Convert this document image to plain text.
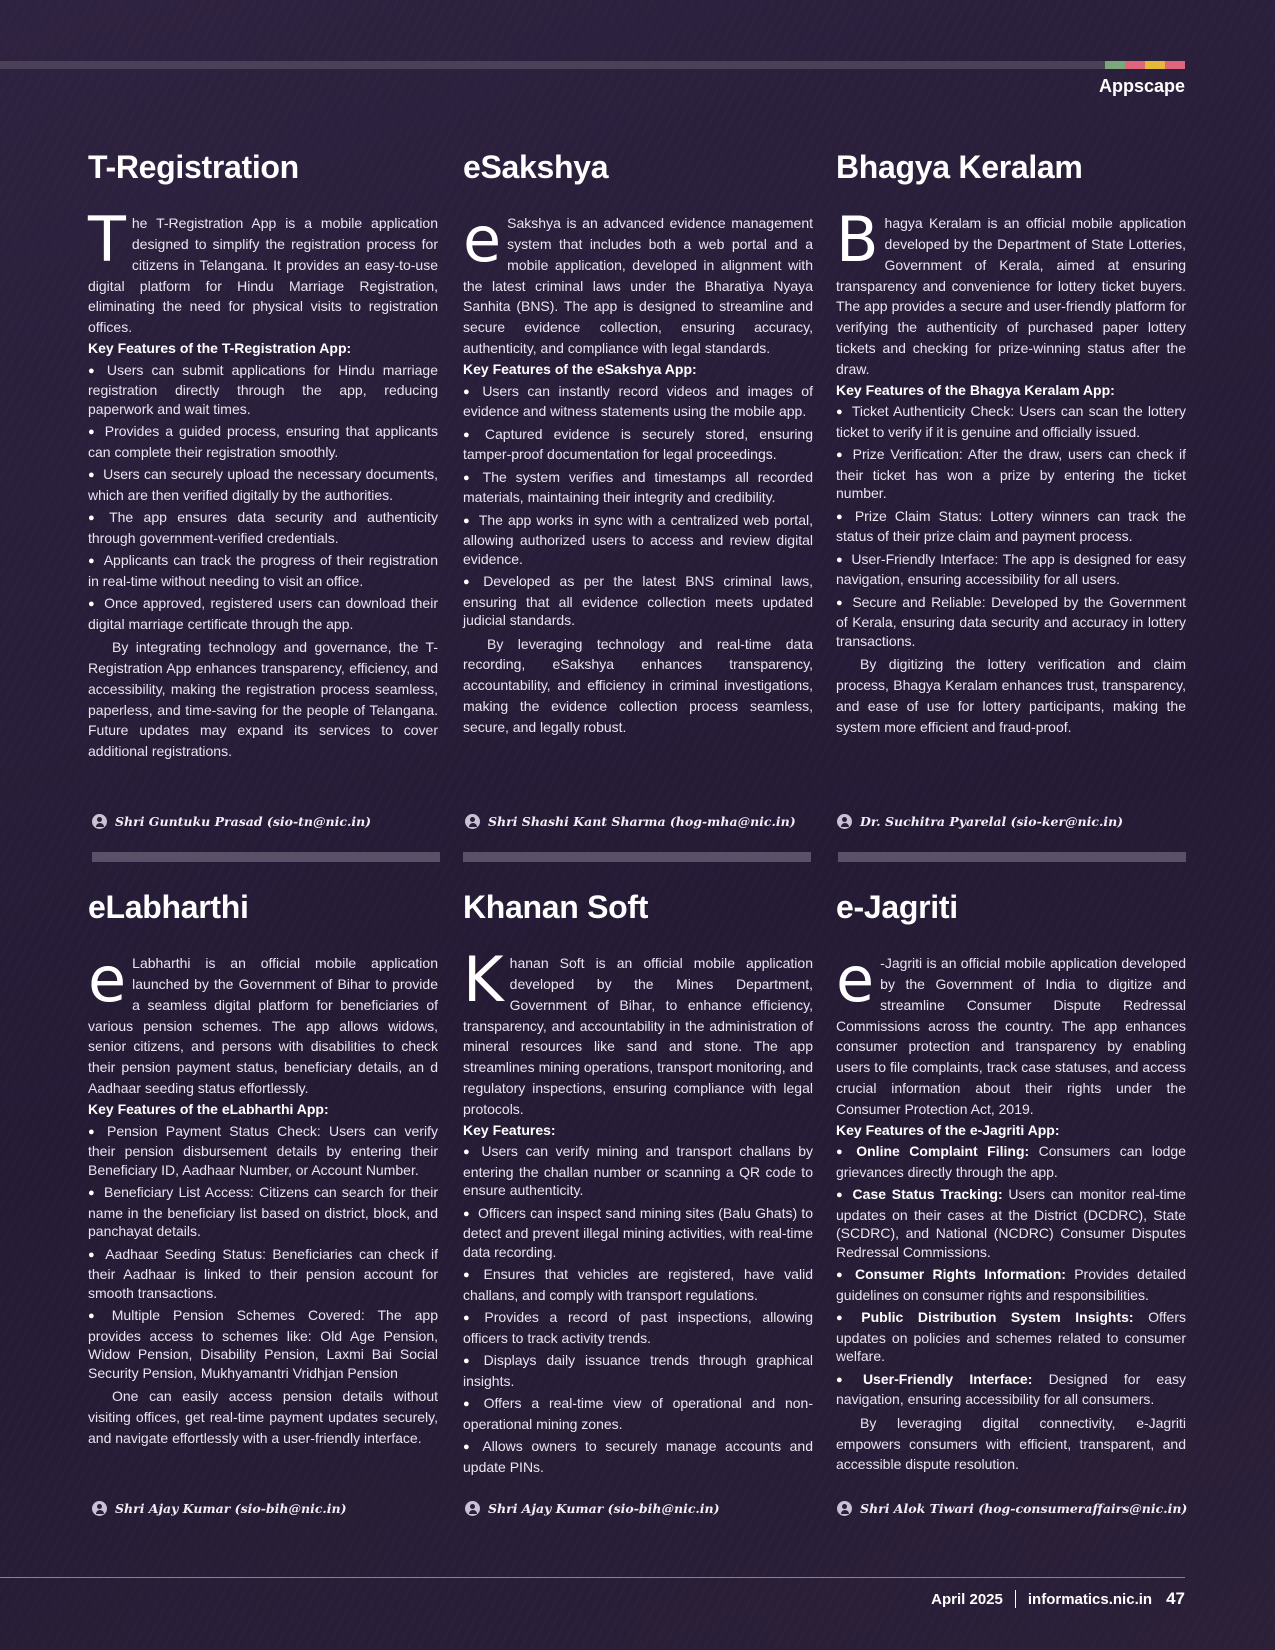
Appscape
T-Registration

The T-Registration App is a mobile application designed to simplify the registration process for citizens in Telangana. It provides an easy-to-use digital platform for Hindu Marriage Registration, eliminating the need for physical visits to registration offices.

Key Features of the T-Registration App:

● Users can submit applications for Hindu marriage registration directly through the app, reducing paperwork and wait times.
● Provides a guided process, ensuring that applicants can complete their registration smoothly.
● Users can securely upload the necessary documents, which are then verified digitally by the authorities.
● The app ensures data security and authenticity through government-verified credentials.
● Applicants can track the progress of their registration in real-time without needing to visit an office.
● Once approved, registered users can download their digital marriage certificate through the app.

By integrating technology and governance, the T-Registration App enhances transparency, efficiency, and accessibility, making the registration process seamless, paperless, and time-saving for the people of Telangana. Future updates may expand its services to cover additional registrations.

eSakshya

e Sakshya is an advanced evidence management system that includes both a web portal and a mobile application, developed in alignment with the latest criminal laws under the Bharatiya Nyaya Sanhita (BNS). The app is designed to streamline and secure evidence collection, ensuring accuracy, authenticity, and compliance with legal standards.

Key Features of the eSakshya App:

● Users can instantly record videos and images of evidence and witness statements using the mobile app.
● Captured evidence is securely stored, ensuring tamper-proof documentation for legal proceedings.
● The system verifies and timestamps all recorded materials, maintaining their integrity and credibility.
● The app works in sync with a centralized web portal, allowing authorized users to access and review digital evidence.
● Developed as per the latest BNS criminal laws, ensuring that all evidence collection meets updated judicial standards.

By leveraging technology and real-time data recording, eSakshya enhances transparency, accountability, and efficiency in criminal investigations, making the evidence collection process seamless, secure, and legally robust.

Bhagya Keralam

Bhagya Keralam is an official mobile application developed by the Department of State Lotteries, Government of Kerala, aimed at ensuring transparency and convenience for lottery ticket buyers. The app provides a secure and user-friendly platform for verifying the authenticity of purchased paper lottery tickets and checking for prize-winning status after the draw.

Key Features of the Bhagya Keralam App:

● Ticket Authenticity Check: Users can scan the lottery ticket to verify if it is genuine and officially issued.
● Prize Verification: After the draw, users can check if their ticket has won a prize by entering the ticket number.
● Prize Claim Status: Lottery winners can track the status of their prize claim and payment process.
● User-Friendly Interface: The app is designed for easy navigation, ensuring accessibility for all users.
● Secure and Reliable: Developed by the Government of Kerala, ensuring data security and accuracy in lottery transactions.

By digitizing the lottery verification and claim process, Bhagya Keralam enhances trust, transparency, and ease of use for lottery participants, making the system more efficient and fraud-proof.

eLabharthi

e Labharthi is an official mobile application launched by the Government of Bihar to provide a seamless digital platform for beneficiaries of various pension schemes. The app allows widows, senior citizens, and persons with disabilities to check their pension payment status, beneficiary details, an d Aadhaar seeding status effortlessly.

Key Features of the eLabharthi App:

● Pension Payment Status Check: Users can verify their pension disbursement details by entering their Beneficiary ID, Aadhaar Number, or Account Number.
● Beneficiary List Access: Citizens can search for their name in the beneficiary list based on district, block, and panchayat details.
● Aadhaar Seeding Status: Beneficiaries can check if their Aadhaar is linked to their pension account for smooth transactions.
● Multiple Pension Schemes Covered: The app provides access to schemes like: Old Age Pension, Widow Pension, Disability Pension, Laxmi Bai Social Security Pension, Mukhyamantri Vridhjan Pension

One can easily access pension details without visiting offices, get real-time payment updates securely, and navigate effortlessly with a user-friendly interface.

Khanan Soft

Khanan Soft is an official mobile application developed by the Mines Department, Government of Bihar, to enhance efficiency, transparency, and accountability in the administration of mineral resources like sand and stone. The app streamlines mining operations, transport monitoring, and regulatory inspections, ensuring compliance with legal protocols.

Key Features:

● Users can verify mining and transport challans by entering the challan number or scanning a QR code to ensure authenticity.
● Officers can inspect sand mining sites (Balu Ghats) to detect and prevent illegal mining activities, with real-time data recording.
● Ensures that vehicles are registered, have valid challans, and comply with transport regulations.
● Provides a record of past inspections, allowing officers to track activity trends.
● Displays daily issuance trends through graphical insights.
● Offers a real-time view of operational and non-operational mining zones.
● Allows owners to securely manage accounts and update PINs.
e-Jagriti

e -Jagriti is an official mobile application developed by the Government of India to digitize and streamline Consumer Dispute Redressal Commissions across the country. The app enhances consumer protection and transparency by enabling users to file complaints, track case statuses, and access crucial information about their rights under the Consumer Protection Act, 2019.

Key Features of the e-Jagriti App:

● Online Complaint Filing: Consumers can lodge grievances directly through the app.
● Case Status Tracking: Users can monitor real-time updates on their cases at the District (DCDRC), State (SCDRC), and National (NCDRC) Consumer Disputes Redressal Commissions.
● Consumer Rights Information: Provides detailed guidelines on consumer rights and responsibilities.
● Public Distribution System Insights: Offers updates on policies and schemes related to consumer welfare.
● User-Friendly Interface: Designed for easy navigation, ensuring accessibility for all consumers.

By leveraging digital connectivity, e-Jagriti empowers consumers with efficient, transparent, and accessible dispute resolution.

Shri Guntuku Prasad (sio-tn@nic.in)	Shri Shashi Kant Sharma (hog-mha@nic.in)	Dr. Suchitra Pyarelal (sio-ker@nic.in)
Shri Ajay Kumar (sio-bih@nic.in)	Shri Ajay Kumar (sio-bih@nic.in)	Shri Alok Tiwari (hog-consumeraffairs@nic.in)
April 2025 informatics.nic.in 47
